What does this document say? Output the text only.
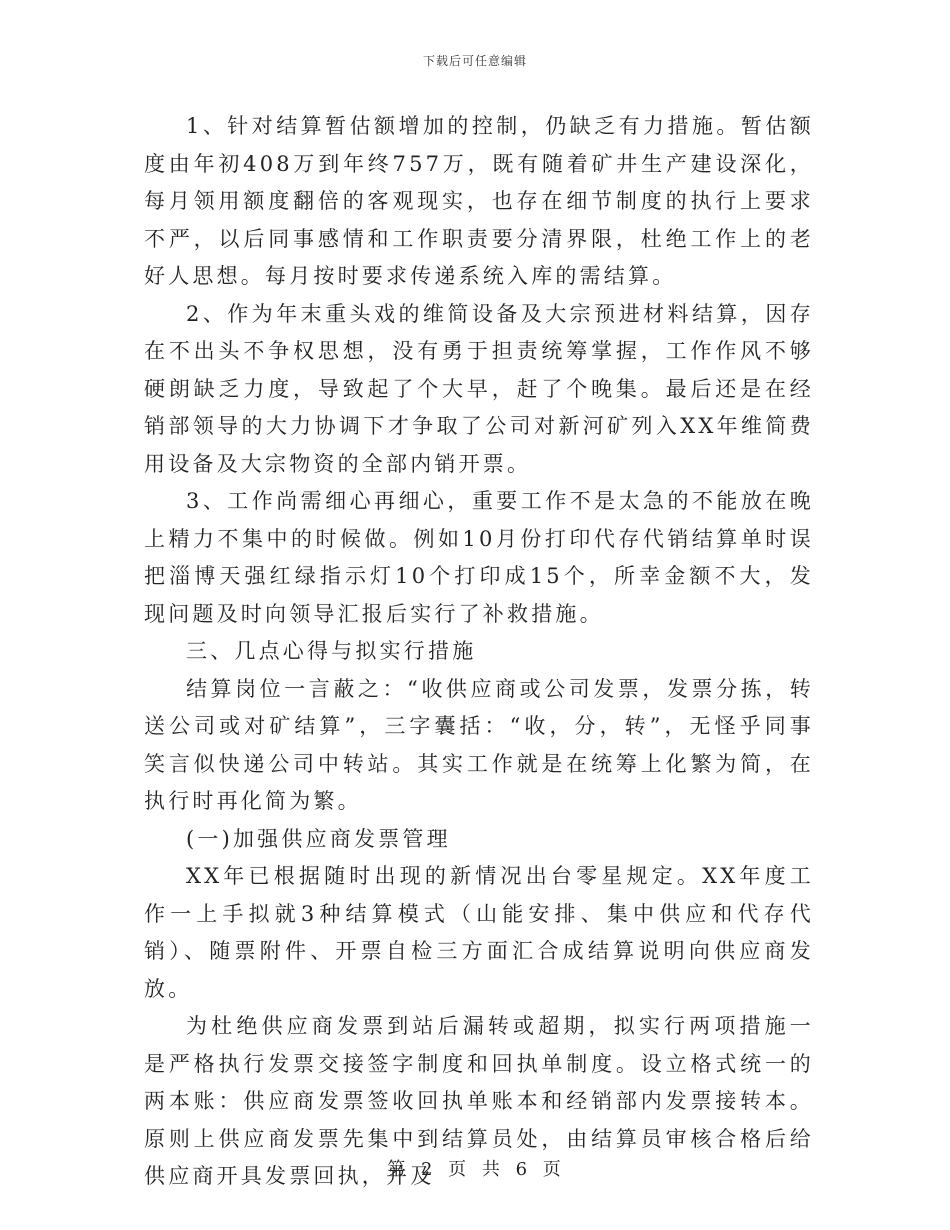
下载后可任意编辑

1、针对结算暂估额增加的控制，仍缺乏有力措施。暂估额度由年初408万到年终757万，既有随着矿井生产建设深化，每月领用额度翻倍的客观现实，也存在细节制度的执行上要求不严，以后同事感情和工作职责要分清界限，杜绝工作上的老好人思想。每月按时要求传递系统入库的需结算。

2、作为年末重头戏的维简设备及大宗预进材料结算，因存在不出头不争权思想，没有勇于担责统筹掌握，工作作风不够硬朗缺乏力度，导致起了个大早，赶了个晚集。最后还是在经销部领导的大力协调下才争取了公司对新河矿列入XX年维简费用设备及大宗物资的全部内销开票。

3、工作尚需细心再细心，重要工作不是太急的不能放在晚上精力不集中的时候做。例如10月份打印代存代销结算单时误把淄博天强红绿指示灯10个打印成15个，所幸金额不大，发现问题及时向领导汇报后实行了补救措施。

三、几点心得与拟实行措施

结算岗位一言蔽之：“收供应商或公司发票，发票分拣，转送公司或对矿结算”，三字囊括：“收，分，转”，无怪乎同事笑言似快递公司中转站。其实工作就是在统筹上化繁为简，在执行时再化简为繁。

(一)加强供应商发票管理

XX年已根据随时出现的新情况出台零星规定。XX年度工作一上手拟就3种结算模式（山能安排、集中供应和代存代销）、随票附件、开票自检三方面汇合成结算说明向供应商发放。

为杜绝供应商发票到站后漏转或超期，拟实行两项措施一是严格执行发票交接签字制度和回执单制度。设立格式统一的两本账：供应商发票签收回执单账本和经销部内发票接转本。原则上供应商发票先集中到结算员处，由结算员审核合格后给供应商开具发票回执，并及

第 2 页 共 6 页
